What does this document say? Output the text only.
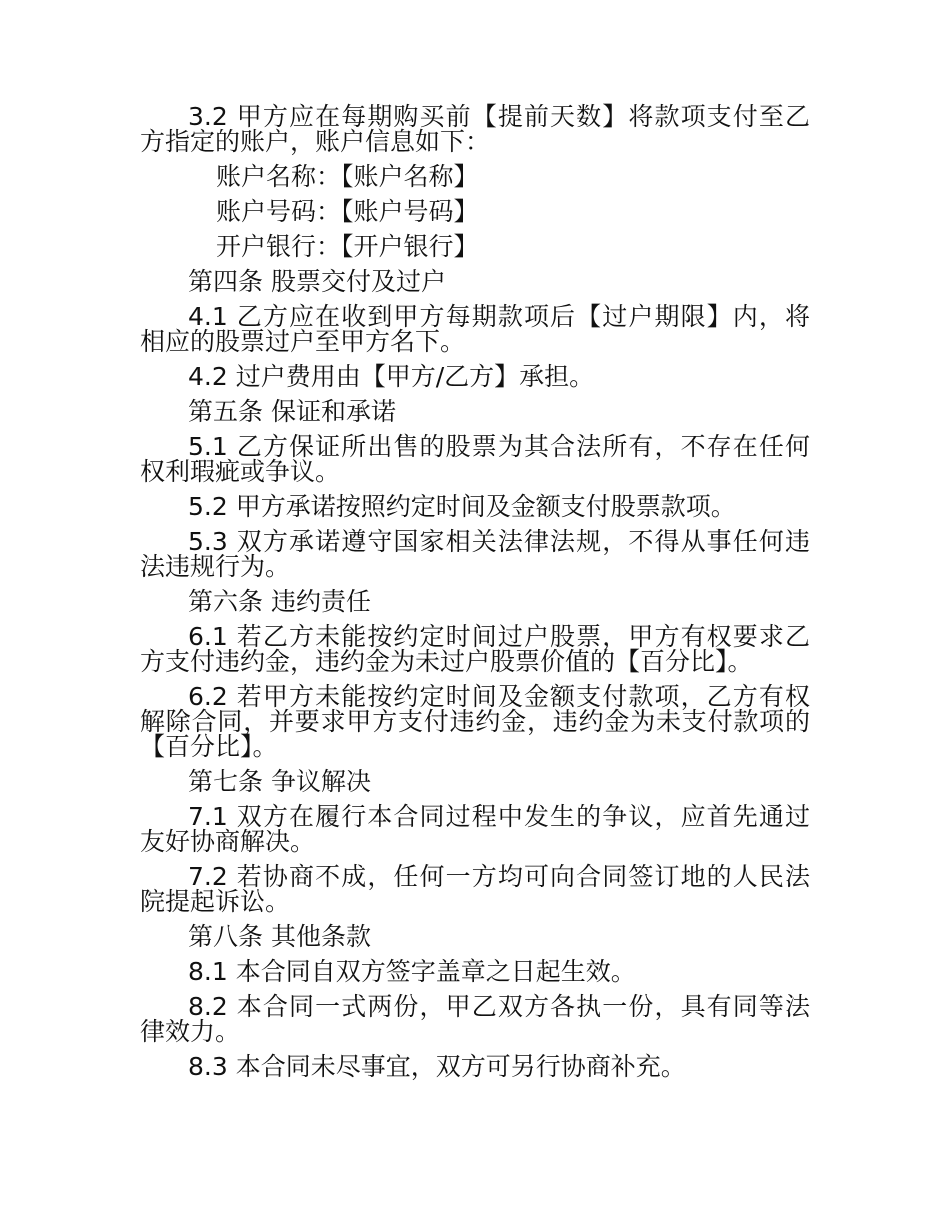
3.2 甲方应在每期购买前【提前天数】将款项支付至乙方指定的账户，账户信息如下：

账户名称：【账户名称】

账户号码：【账户号码】

开户银行：【开户银行】

第四条 股票交付及过户

4.1 乙方应在收到甲方每期款项后【过户期限】内，将相应的股票过户至甲方名下。

4.2 过户费用由【甲方/乙方】承担。

第五条 保证和承诺

5.1 乙方保证所出售的股票为其合法所有，不存在任何权利瑕疵或争议。

5.2 甲方承诺按照约定时间及金额支付股票款项。

5.3 双方承诺遵守国家相关法律法规，不得从事任何违法违规行为。

第六条 违约责任

6.1 若乙方未能按约定时间过户股票，甲方有权要求乙方支付违约金，违约金为未过户股票价值的【百分比】。

6.2 若甲方未能按约定时间及金额支付款项，乙方有权解除合同，并要求甲方支付违约金，违约金为未支付款项的【百分比】。

第七条 争议解决

7.1 双方在履行本合同过程中发生的争议，应首先通过友好协商解决。

7.2 若协商不成，任何一方均可向合同签订地的人民法院提起诉讼。

第八条 其他条款

8.1 本合同自双方签字盖章之日起生效。

8.2 本合同一式两份，甲乙双方各执一份，具有同等法律效力。

8.3 本合同未尽事宜，双方可另行协商补充。
